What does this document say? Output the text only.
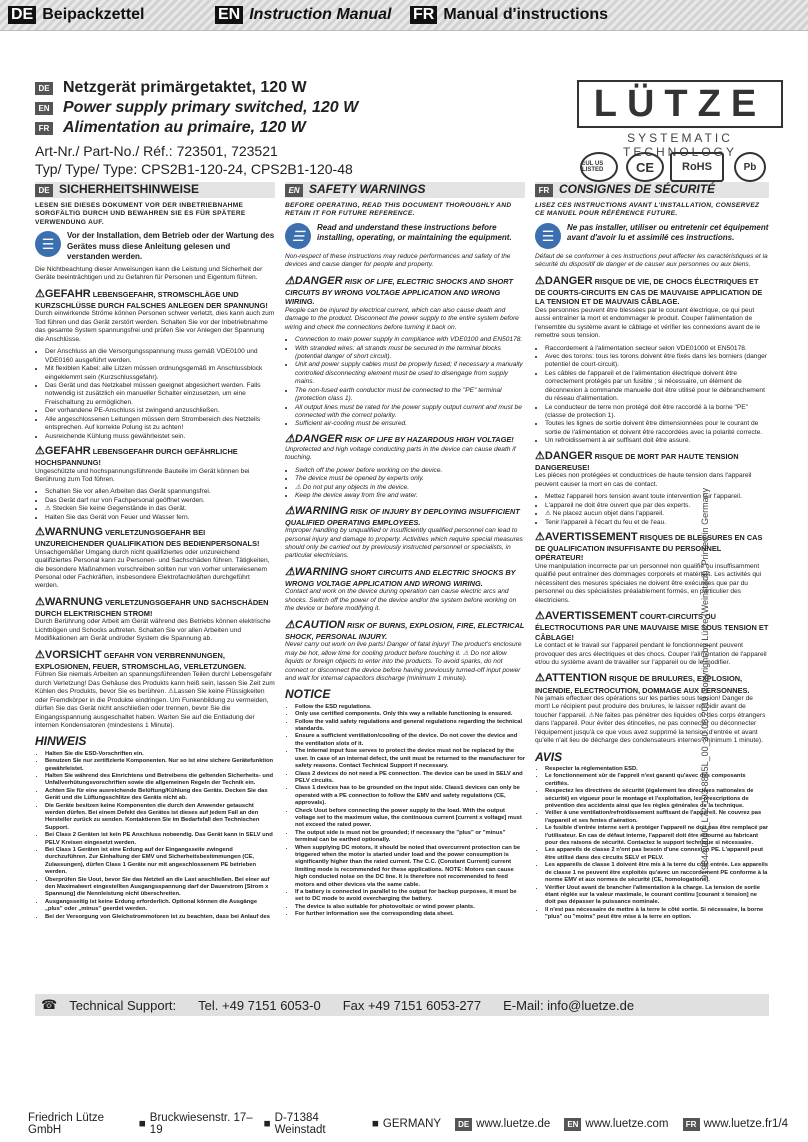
DE Beipackzettel	EN Instruction Manual FR Manual d'instructions
DE Netzgerät primärgetaktet, 120 W
EN Power supply primary switched, 120 W
FR Alimentation au primaire, 120 W
Art-Nr./ Part-No./ Réf.: 723501, 723521
Typ/ Type/ Type: CPS2B1-120-24, CPS2B1-120-48
LÜTZE
SYSTEMATIC TECHNOLOGY
cUL US LISTED	CE	RoHS	Pb
DE SICHERHEITSHINWEISE
LESEN SIE DIESES DOKUMENT VOR DER INBETRIEBNAHME SORGFÄLTIG DURCH UND BEWAHREN SIE ES FÜR SPÄTERE VERWENDUNG AUF.
☰
Vor der Installation, dem Betrieb oder der Wartung des Gerätes muss diese Anleitung gelesen und verstanden werden.
Die Nichtbeachtung dieser Anweisungen kann die Leistung und Sicherheit der Geräte beeinträchtigen und zu Gefahren für Personen und Eigentum führen.
⚠GEFAHR LEBENSGEFAHR, STROMSCHLÄGE UND KURZSCHLÜSSE DURCH FALSCHES ANLEGEN DER SPANNUNG!
Durch einwirkende Ströme können Personen schwer verletzt, dies kann auch zum Tod führen und das Gerät zerstört werden. Schalten Sie vor der Inbetriebnahme das gesamte System spannungsfrei und prüfen Sie vor Anlegen der Spannung die Anschlüsse.
• Der Anschluss an die Versorgungsspannung muss gemäß VDE0100 und VDE0160 ausgeführt werden.
• Mit flexiblen Kabel: alle Litzen müssen ordnungsgemäß im Anschlussblock eingeklemmt sein (Kurzschlussgefahr).
• Das Gerät und das Netzkabel müssen geeignet abgesichert werden. Falls notwendig ist zusätzlich ein manueller Schalter einzusetzen, um eine Freischaltung zu ermöglichen.
• Der vorhandene PE-Anschluss ist zwingend anzuschließen.
• Alle angeschlossenen Leitungen müssen dem Strombereich des Netzteils entsprechen. Auf korrekte Polung ist zu achten!
• Ausreichende Kühlung muss gewährleistet sein.
⚠GEFAHR LEBENSGEFAHR DURCH GEFÄHRLICHE HOCHSPANNUNG!
Ungeschützte und hochspannungsführende Bauteile im Gerät können bei Berührung zum Tod führen.
• Schalten Sie vor allen Arbeiten das Gerät spannungsfrei.
• Das Gerät darf nur von Fachpersonal geöffnet werden.
• ⚠ Stecken Sie keine Gegenstände in das Gerät.
• Halten Sie das Gerät von Feuer und Wasser fern.
⚠WARNUNG VERLETZUNGSGEFAHR BEI UNZUREICHENDER QUALIFIKATION DES BEDIENPERSONALS!
Unsachgemäßer Umgang durch nicht qualifiziertes oder unzureichend qualifiziertes Personal kann zu Personen- und Sachschäden führen. Tätigkeiten, die besondere Maßnahmen vorschreiben sollten nur von vorher unterwiesenem Personal oder Fachkräften, insbesondere Elektrofachkräften durchgeführt werden.
⚠WARNUNG VERLETZUNGSGEFAHR UND SACHSCHÄDEN DURCH ELEKTRISCHEN STROM!
Durch Berührung oder Arbeit am Gerät während des Betriebs können elektrische Lichtbögen und Schocks auftreten. Schalten Sie vor allen Arbeiten und Modifikationen am Gerät und/oder System die Spannung ab.
⚠VORSICHT GEFAHR VON VERBRENNUNGEN, EXPLOSIONEN, FEUER, STROMSCHLAG, VERLETZUNGEN.
Führen Sie niemals Arbeiten an spannungsführenden Teilen durch! Lebensgefahr durch Verletzung! Das Gehäuse des Produkts kann heiß sein, lassen Sie Zeit zum Kühlen des Produkts, bevor Sie es berühren. ⚠Lassen Sie keine Flüssigkeiten oder Fremdkörper in die Produkte eindringen. Um Funkenbildung zu vermeiden, dürfen Sie das Gerät nicht anschließen oder trennen, bevor Sie die Eingangsspannung ausgeschaltet haben. Warten Sie auf die Entladung der internen Kondensatoren (mindestens 1 Minute).
HINWEIS
• Halten Sie die ESD-Vorschriften ein.
• Benutzen Sie nur zertifizierte Komponenten. Nur so ist eine sichere Gerätefunktion gewährleistet.
• Halten Sie während des Einrichtens und Betreibens die geltenden Sicherheits- und Unfallverhütungsvorschriften sowie die allgemeinen Regeln der Technik ein.
• Achten Sie für eine ausreichende Belüftung/Kühlung des Geräts. Decken Sie das Gerät und die Lüftungsschlitze des Geräts nicht ab.
• Die Geräte besitzen keine Komponenten die durch den Anwender getauscht werden dürfen. Bei einem Defekt des Gerätes ist dieses auf jedem Fall an den Hersteller zurück zu senden. Kontaktieren Sie im Bedarfsfall den Technischen Support.
• Bei Class 2 Geräten ist kein PE Anschluss notwendig. Das Gerät kann in SELV und PELV Kreisen eingesetzt werden.
• Bei Class 1 Geräten ist eine Erdung auf der Eingangsseite zwingend durchzuführen. Zur Einhaltung der EMV und Sicherheitsbestimmungen (CE, Zulassungen), dürfen Class 1 Geräte nur mit angeschlossenem PE betrieben werden.
• Überprüfen Sie Uout, bevor Sie das Netzteil an die Last anschließen. Bei einer auf den Maximalwert eingestellten Ausgangsspannung darf der Dauerstrom [Strom x Spannung] die Nennleistung nicht überschreiten.
• Ausgangsseitig ist keine Erdung erforderlich. Optional können die Ausgänge „plus" oder „minus" geerdet werden.
• Bei der Versorgung von Gleichstrommotoren ist zu beachten, dass bei Anlauf des
EN SAFETY WARNINGS
BEFORE OPERATING, READ THIS DOCUMENT THOROUGHLY AND RETAIN IT FOR FUTURE REFERENCE.
☰
Read and understand these instructions before installing, operating, or maintaining the equipment.
Non-respect of these instructions may reduce performances and safety of the devices and cause danger for people and property.
⚠DANGER RISK OF LIFE, ELECTRIC SHOCKS AND SHORT CIRCUITS BY WRONG VOLTAGE APPLICATION AND WRONG WIRING.
People can be injured by electrical current, which can also cause death and damage to the product. Disconnect the power supply to the entire system before wiring and check the connections before turning it back on.
• Connection to main power supply in compliance with VDE0100 and EN50178.
• With stranded wires: all strands must be secured in the terminal blocks (potential danger of short circuit).
• Unit and power supply cables must be properly fused; if necessary a manually controlled disconnecting element must be used to disengage from supply mains.
• The non-fused earth conductor must be connected to the "PE" terminal (protection class 1).
• All output lines must be rated for the power supply output current and must be connected with the correct polarity.
• Sufficient air-cooling must be ensured.
⚠DANGER RISK OF LIFE BY HAZARDOUS HIGH VOLTAGE!
Unprotected and high voltage conducting parts in the device can cause death if touching.
• Switch off the power before working on the device.
• The device must be opened by experts only.
• ⚠ Do not put any objects in the device.
• Keep the device away from fire and water.
⚠WARNING RISK OF INJURY BY DEPLOYING INSUFFICIENT QUALIFIED OPERATING EMPLOYEES.
Improper handling by unqualified or insufficiently qualified personnel can lead to personal injury and damage to property. Activities which require special measures should only be carried out by previously instructed personnel or specialists, in particular electricians.
⚠WARNING SHORT CIRCUITS AND ELECTRIC SHOCKS BY WRONG VOLTAGE APPLICATION AND WRONG WIRING.
Contact and work on the device during operation can cause electric arcs and shocks. Switch off the power of the device and/or the system before working on the device or before modifying it.
⚠CAUTION RISK OF BURNS, EXPLOSION, FIRE, ELECTRICAL SHOCK, PERSONAL INJURY.
Never carry out work on live parts! Danger of fatal injury! The product's enclosure may be hot, allow time for cooling product before touching it. ⚠ Do not allow liquids or foreign objects to enter into the products. To avoid sparks, do not connect or disconnect the device before having previously turned-off input power and wait for internal capacitors discharge (minimum 1 minute).
NOTICE
• Follow the ESD regulations.
• Only use certified components. Only this way a reliable functioning is ensured.
• Follow the valid safety regulations and general regulations regarding the technical standards.
• Ensure a sufficient ventilation/cooling of the device. Do not cover the device and the ventilation slots of it.
• The internal input fuse serves to protect the device must not be replaced by the user. In case of an internal defect, the unit must be returned to the manufacturer for safety reasons. Contact Technical Support if necessary.
• Class 2 devices do not need a PE connection. The device can be used in SELV and PELV circuits.
• Class 1 devices has to be grounded on the input side. Class1 devices can only be operated with a PE connection to follow the EMV and safety regulations (CE, approvals).
• Check Uout before connecting the power supply to the load. With the output voltage set to the maximum value, the continuous current [current x voltage] must not exceed the rated power.
• The output side is must not be grounded; if necessary the "plus" or "minus" terminal can be earthed optionally.
• When supplying DC motors, it should be noted that overcurrent protection can be triggered when the motor is started under load and the power consumption is significantly higher than the rated current. The C.C. (Constant Current) current limiting mode is recommended for these applications. NOTE: Motors can cause high conducted noise on the DC line. It is therefore not recommended to feed motors and other devices via the same cable.
• If a battery is connected in parallel to the output for backup purposes, it must be set to DC mode to avoid overcharging the battery.
• The device is also suitable for photovoltaic or wind power plants.
• For further information see the corresponding data sheet.
FR CONSIGNES DE SÉCURITÉ
LISEZ CES INSTRUCTIONS AVANT L'INSTALLATION, CONSERVEZ CE MANUEL POUR RÉFÉRENCE FUTURE.
☰
Ne pas installer, utiliser ou entretenir cet équipement avant d'avoir lu et assimilé ces instructions.
Défaut de se conformer à ces instructions peut affecter les caractéristiques et la sécurité du dispositif de danger et de causer aux personnes ou aux biens.
⚠DANGER RISQUE DE VIE, DE CHOCS ÉLECTRIQUES ET DE COURTS-CIRCUITS EN CAS DE MAUVAISE APPLICATION DE LA TENSION ET DE MAUVAIS CÂBLAGE.
Des personnes peuvent être blessées par le courant électrique, ce qui peut aussi entraîner la mort et endommager le produit. Couper l'alimentation de l'ensemble du système avant le câblage et vérifier les connexions avant de le remettre sous tension.
• Raccordement à l'alimentation secteur selon VDE01000 et EN50178.
• Avec des torons: tous les torons doivent être fixés dans les borniers (danger potentiel de court-circuit).
• Les câbles de l'appareil et de l'alimentation électrique doivent être correctement protégés par un fusible ; si nécessaire, un élément de déconnexion à commande manuelle doit être utilisé pour le débranchement du réseau d'alimentation.
• Le conducteur de terre non protégé doit être raccordé à la borne "PE" (classe de protection 1).
• Toutes les lignes de sortie doivent être dimensionnées pour le courant de sortie de l'alimentation et doivent être raccordées avec la polarité correcte.
• Un refroidissement à air suffisant doit être assuré.
⚠DANGER RISQUE DE MORT PAR HAUTE TENSION DANGEREUSE!
Les pièces non protégées et conductrices de haute tension dans l'appareil peuvent causer la mort en cas de contact.
• Mettez l'appareil hors tension avant toute intervention sur l'appareil.
• L'appareil ne doit être ouvert que par des experts.
• ⚠ Ne placez aucun objet dans l'appareil.
• Tenir l'appareil à l'écart du feu et de l'eau.
⚠AVERTISSEMENT RISQUES DE BLESSURES EN CAS DE QUALIFICATION INSUFFISANTE DU PERSONNEL OPÉRATEUR!
Une manipulation incorrecte par un personnel non qualifié ou insuffisamment qualifié peut entraîner des dommages corporels et matériels. Les activités qui nécessitent des mesures spéciales ne doivent être exécutées que par du personnel ou des spécialistes préalablement formés, en particulier des électriciens.
⚠AVERTISSEMENT COURT-CIRCUITS OU ÉLECTROCUTIONS PAR UNE MAUVAISE MISE SOUS TENSION ET CÂBLAGE!
Le contact et le travail sur l'appareil pendant le fonctionnement peuvent provoquer des arcs électriques et des chocs. Couper l'alimentation de l'appareil et/ou du système avant de travailler sur l'appareil ou de le modifier.
⚠ATTENTION RISQUE DE BRULURES, EXPLOSION, INCENDIE, ELECTROCUTION, DOMMAGE AUX PERSONNES.
Ne jamais effectuer des opérations sur les parties sous tension! Danger de mort! Le récipient peut produire des brulures, le laisser refroidir avant de toucher l'appareil. ⚠Ne faites pas pénétrer des liquides ou des corps étrangers dans l'appareil. Pour éviter des étincelles, ne pas connecter ou déconnecter l'équipement jusqu'à ce que vous avez supprimé la tension d'entrée et avant qu'elle n'ait lieu de décharge des condensateurs internes (minimum 1 minute).
AVIS
• Respecter la réglementation ESD.
• Le fonctionnement sûr de l'appreil n'est garanti qu'avec des composants certifiés.
• Respectez les directives de sécurité (également les directives nationales de sécurité) en vigueur pour le montage et l'exploitation, les prescriptions de prévention des accidents ainsi que les règles générales de la technique.
• Veiller à une ventilation/refroidissement suffisant de l'appareil. Ne couvrez pas l'appareil et ses fentes d'aération.
• Le fusible d'entrée interne sert à protéger l'appareil ne doit pas être remplacé par l'utilisateur. En cas de défaut interne, l'appareil doit être retourné au fabricant pour des raisons de sécurité. Contactez le support technique si nécessaire.
• Les appareils de classe 2 n'ont pas besoin d'une connexion PE. L'appareil peut être utilisé dans des circuits SELV et PELV.
• Les appareils de classe 1 doivent être mis à la terre du côté entrée. Les appareils de classe 1 ne peuvent être exploités qu'avec un raccordement PE conforme à la norme EMV et aux normes de sécurité (CE, homologations).
• Vérifier Uout avant de brancher l'alimentation à la charge. La tension de sortie étant réglée sur la valeur maximale, le courant continu [courant x tension] ne doit pas dépasser la puissance nominale.
• Il n'est pas nécessaire de mettre à la terre le côté sortie. Si nécessaire, la borne "plus" ou "moins" peut être mise à la terre en option.
919844.0000_L72-193-8845L_00_30.08.2019 Copyright by Lütze (Weinstadt), Printed in Germany
☎ Technical Support: Tel. +49 7151 6053-0 Fax +49 7151 6053-277 E-Mail: info@luetze.de
Friedrich Lütze GmbH	■ Bruckwiesenstr. 17–19	■ D-71384 Weinstadt	■ GERMANY	DE www.luetze.de	EN www.luetze.com	FR www.luetze.fr 1/4
